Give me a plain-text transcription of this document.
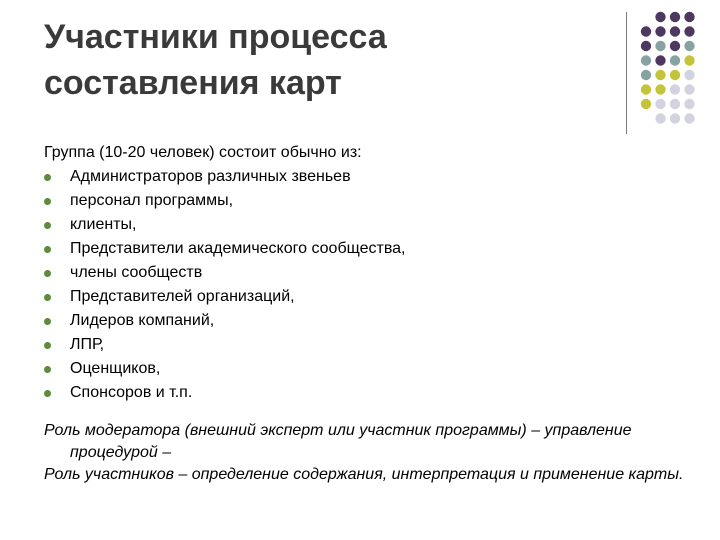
Участники процесса
составления карт

Группа (10-20 человек) состоит обычно из:

Администраторов различных звеньев
персонал программы,
клиенты,
Представители академического сообщества,
члены сообществ
Представителей организаций,
Лидеров компаний,
ЛПР,
Оценщиков,
Спонсоров и т.п.

Роль модератора (внешний эксперт или участник программы) – управление процедурой –

Роль участников – определение содержания, интерпретация и применение карты.
